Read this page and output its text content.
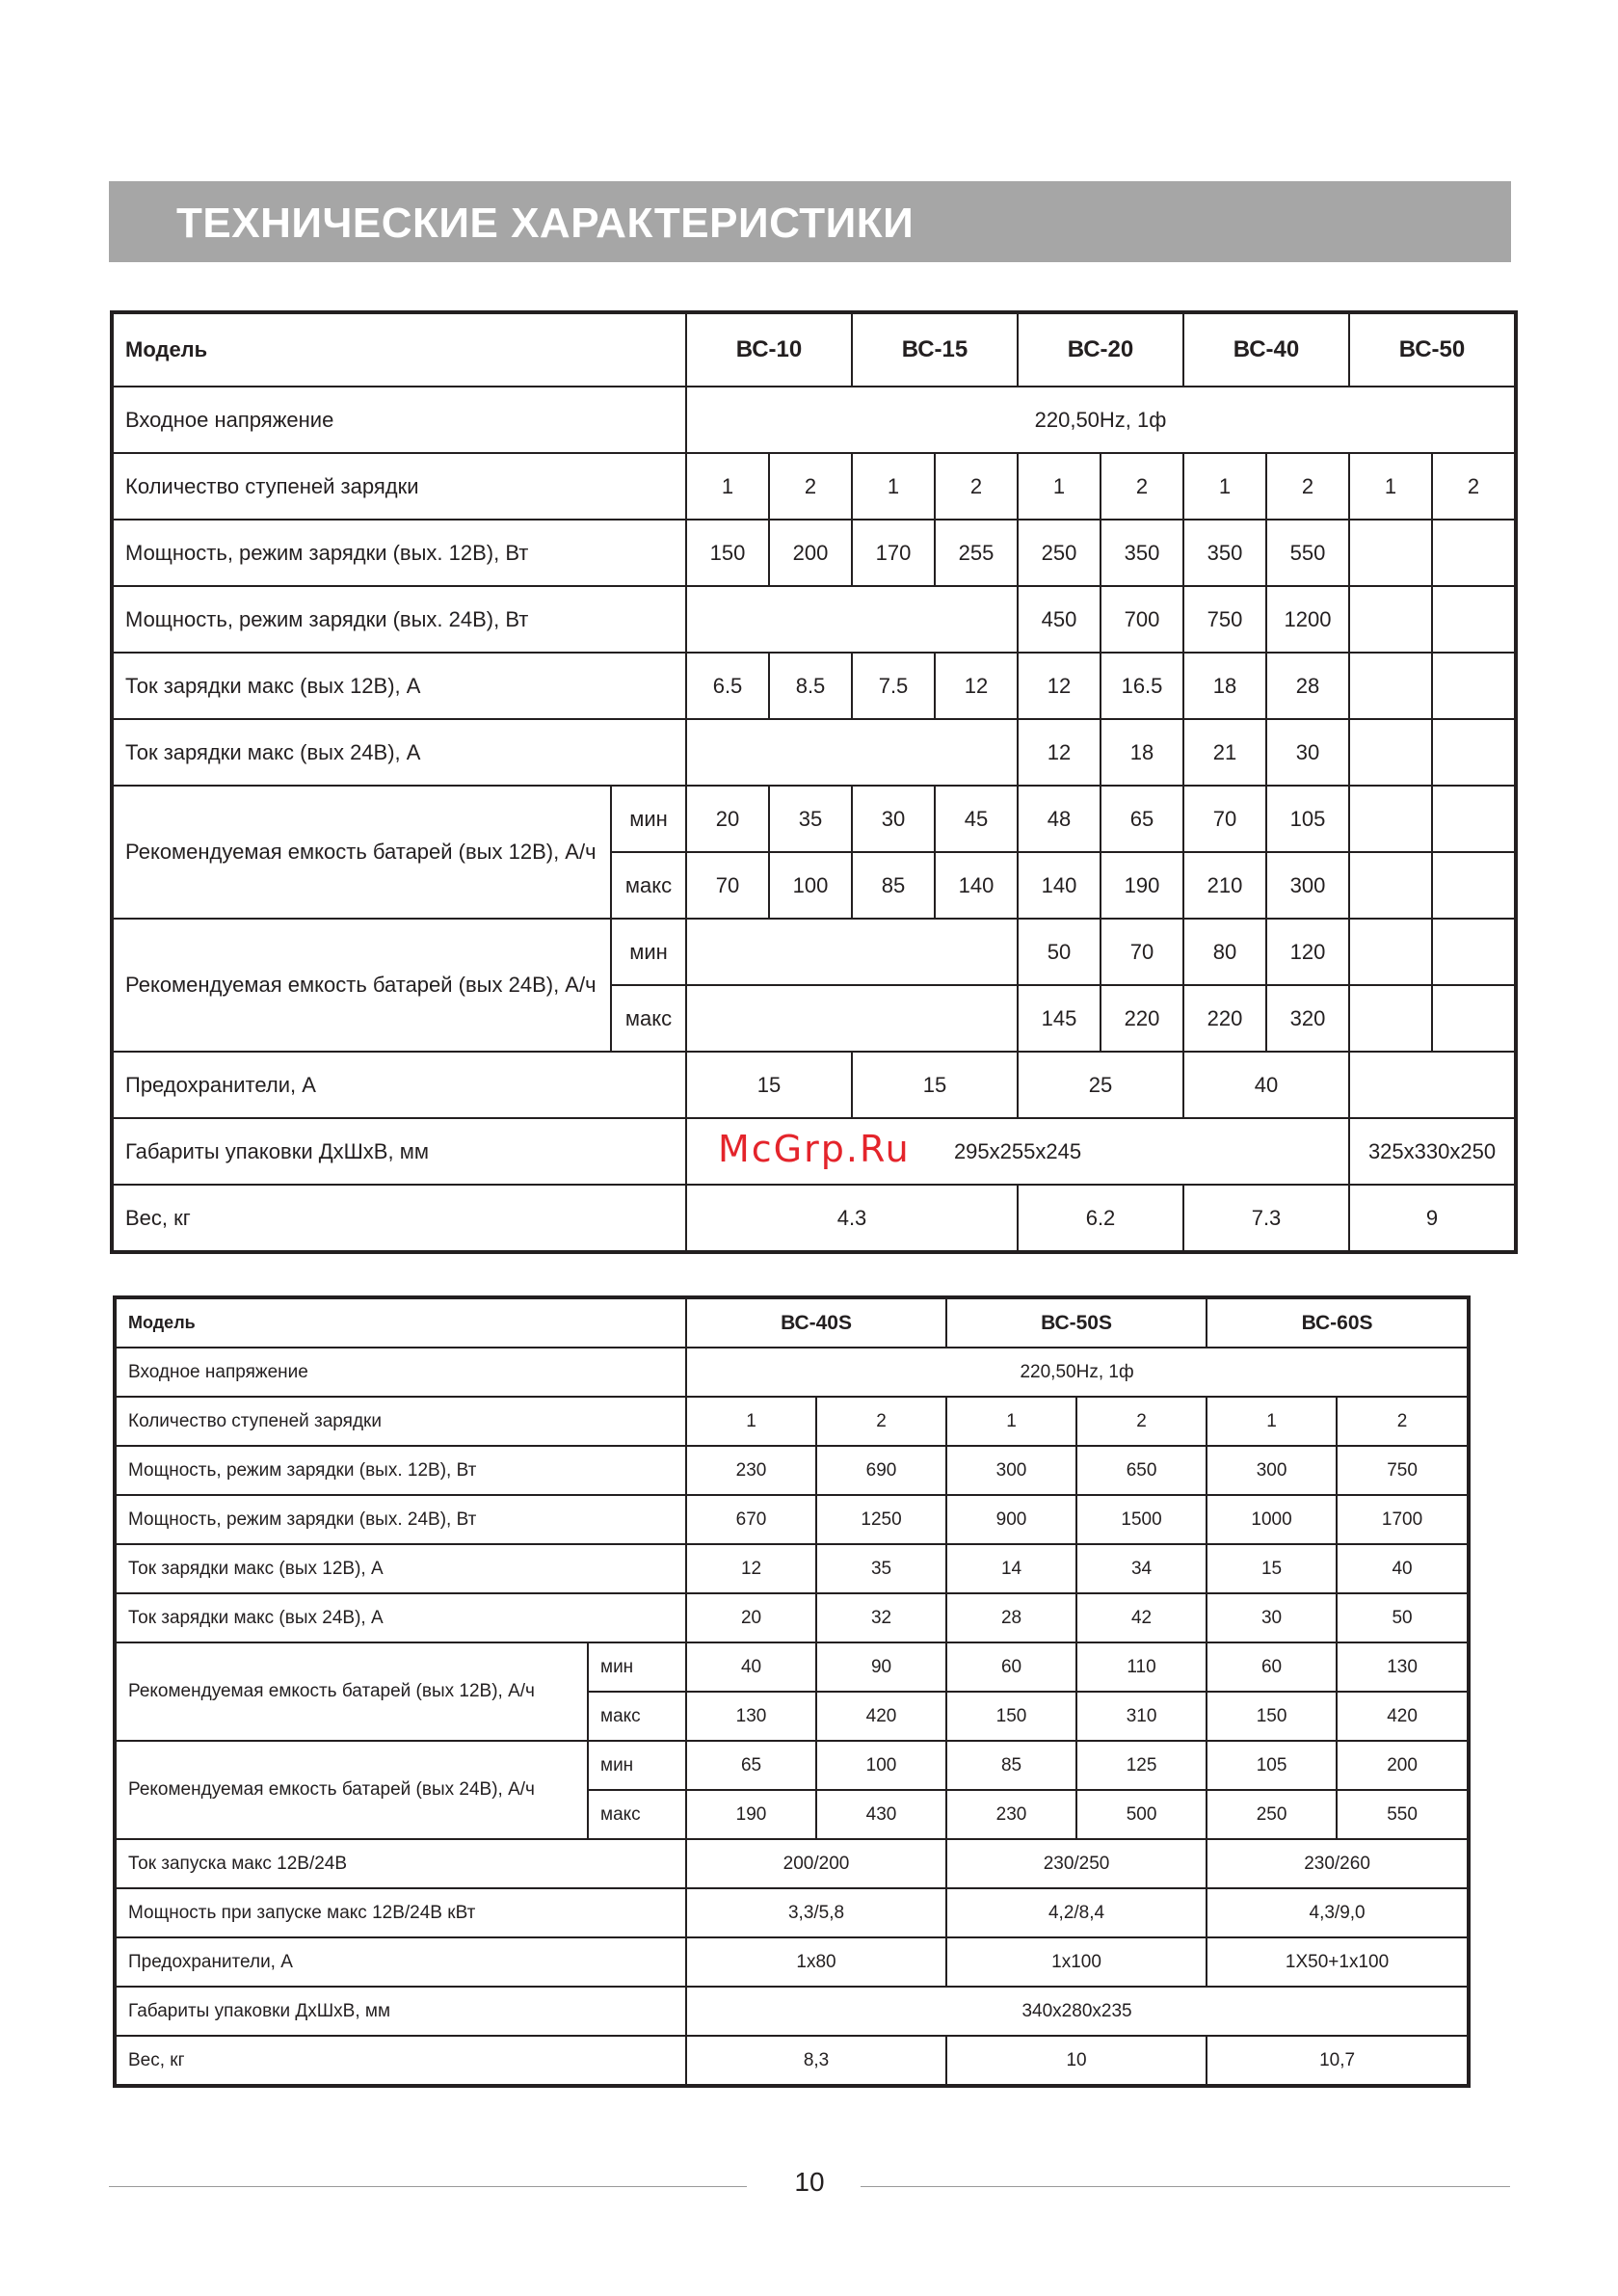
ТЕХНИЧЕСКИЕ ХАРАКТЕРИСТИКИ
Модель		ВС-10		ВС-15		ВС-20		ВС-40		ВС-50	
Входное напряжение		220,50Hz, 1ф									
Количество ступеней зарядки		1	2	1	2	1	2	1	2	1	2
Мощность, режим зарядки (вых. 12В), Вт		150	200	170	255	250	350	350	550		
Мощность, режим зарядки (вых. 24В), Вт						450	700	750	1200		
Ток зарядки макс (вых 12В), А		6.5	8.5	7.5	12	12	16.5	18	28		
Ток зарядки макс (вых 24В), А						12	18	21	30		
Рекомендуемая емкость батарей (вых 12В), А/ч	мин	20	35	30	45	48	65	70	105		
	макс	70	100	85	140	140	190	210	300		
Рекомендуемая емкость батарей (вых 24В), А/ч	мин					50	70	80	120		
	макс					145	220	220	320		
Предохранители, А		15		15		25		40			
Габариты упаковки ДхШхВ, мм		295x255x245								325x330x250	
Вес, кг		4.3				6.2		7.3		9	
McGrp.Ru
Модель		ВС-40S		ВС-50S		ВС-60S	
Входное напряжение		220,50Hz, 1ф					
Количество ступеней зарядки		1	2	1	2	1	2
Мощность, режим зарядки (вых. 12В), Вт		230	690	300	650	300	750
Мощность, режим зарядки (вых. 24В), Вт		670	1250	900	1500	1000	1700
Ток зарядки макс (вых 12В), А		12	35	14	34	15	40
Ток зарядки макс (вых 24В), А		20	32	28	42	30	50
Рекомендуемая емкость батарей (вых 12В), А/ч	мин	40	90	60	110	60	130
	макс	130	420	150	310	150	420
Рекомендуемая емкость батарей (вых 24В), А/ч	мин	65	100	85	125	105	200
	макс	190	430	230	500	250	550
Ток запуска макс 12В/24В		200/200		230/250		230/260	
Мощность при запуске макс 12В/24В кВт		3,3/5,8		4,2/8,4		4,3/9,0	
Предохранители, А		1x80		1x100		1X50+1x100	
Габариты упаковки ДхШхВ, мм		340x280x235					
Вес, кг		8,3		10		10,7	
10
